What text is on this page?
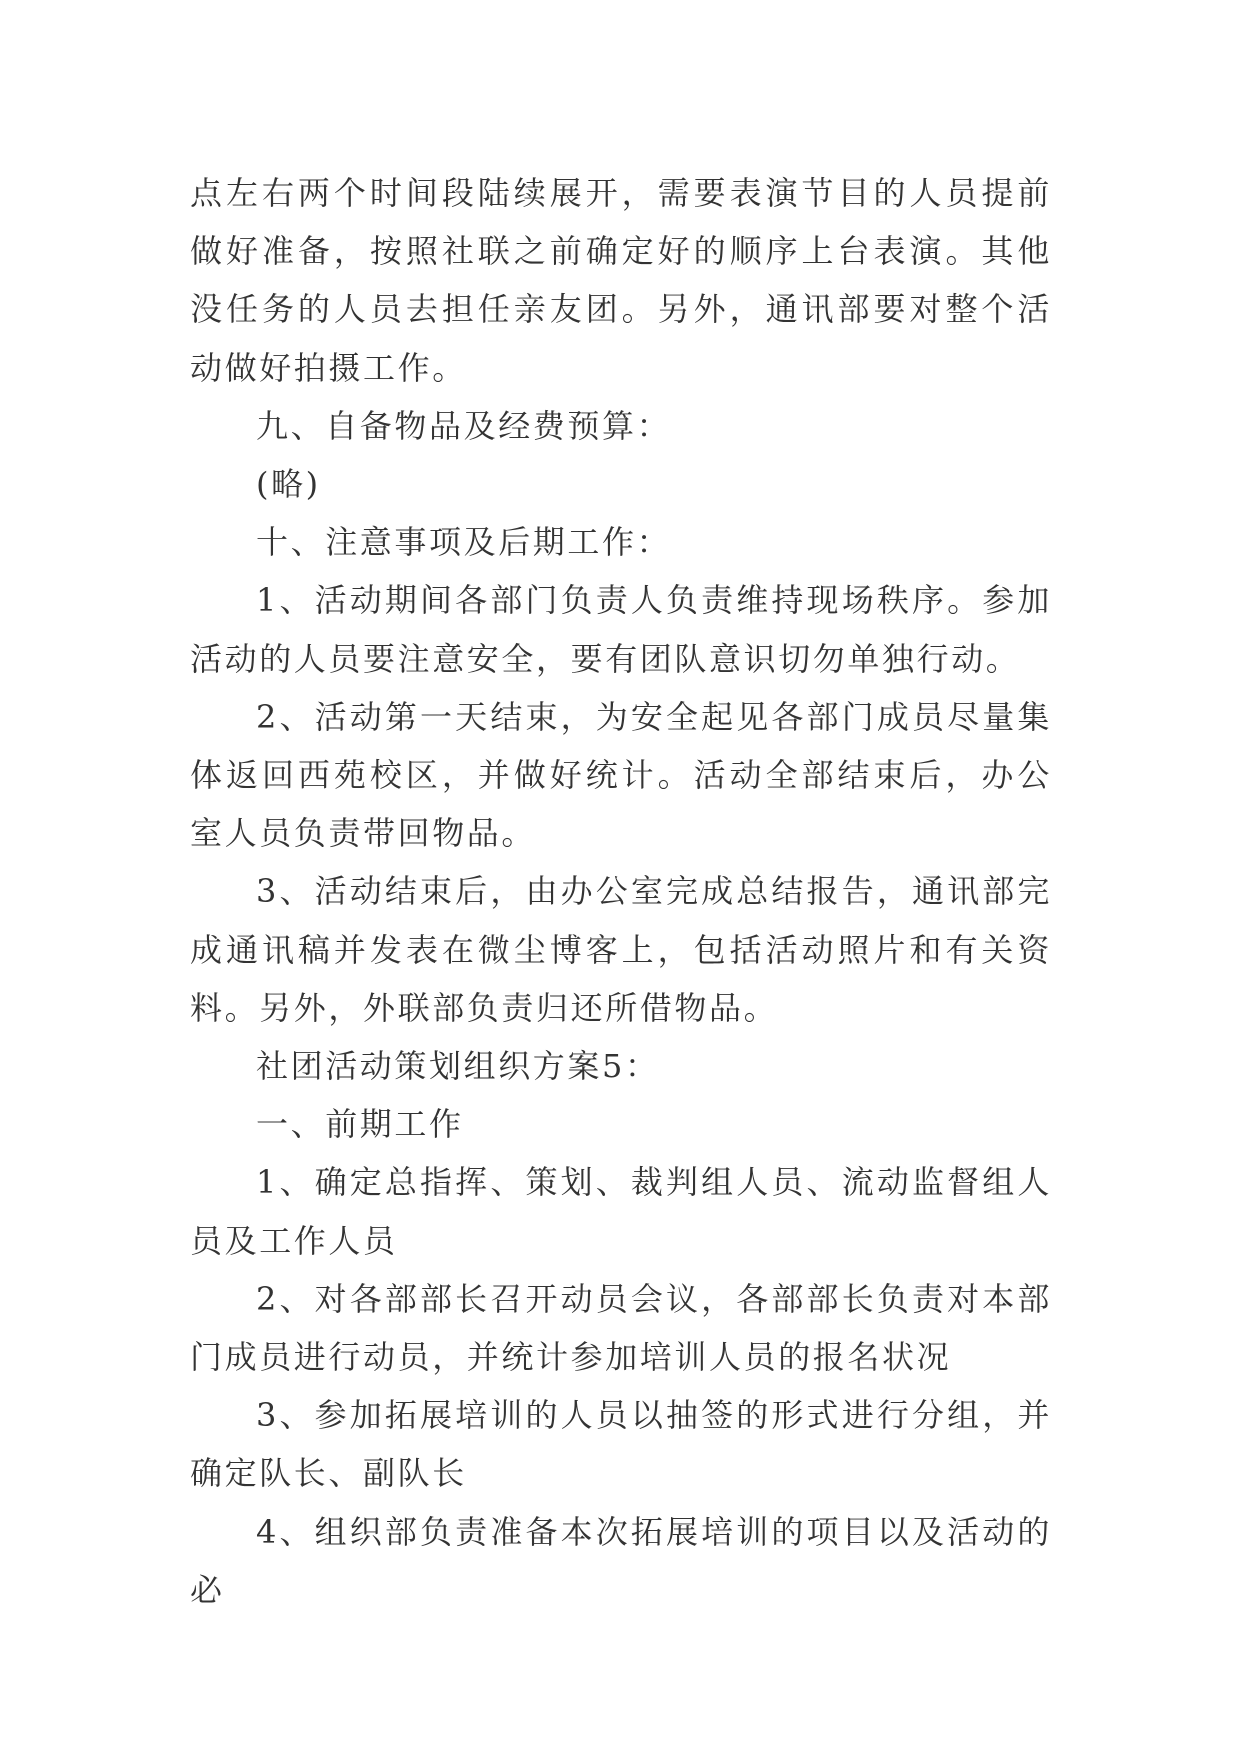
点左右两个时间段陆续展开，需要表演节目的人员提前做好准备，按照社联之前确定好的顺序上台表演。其他没任务的人员去担任亲友团。另外，通讯部要对整个活动做好拍摄工作。

九、自备物品及经费预算：

(略)

十、注意事项及后期工作：

1、活动期间各部门负责人负责维持现场秩序。参加活动的人员要注意安全，要有团队意识切勿单独行动。

2、活动第一天结束，为安全起见各部门成员尽量集体返回西苑校区，并做好统计。活动全部结束后，办公室人员负责带回物品。

3、活动结束后，由办公室完成总结报告，通讯部完成通讯稿并发表在微尘博客上，包括活动照片和有关资料。另外，外联部负责归还所借物品。

社团活动策划组织方案5：

一、前期工作

1、确定总指挥、策划、裁判组人员、流动监督组人员及工作人员

2、对各部部长召开动员会议，各部部长负责对本部门成员进行动员，并统计参加培训人员的报名状况

3、参加拓展培训的人员以抽签的形式进行分组，并确定队长、副队长

4、组织部负责准备本次拓展培训的项目以及活动的必
